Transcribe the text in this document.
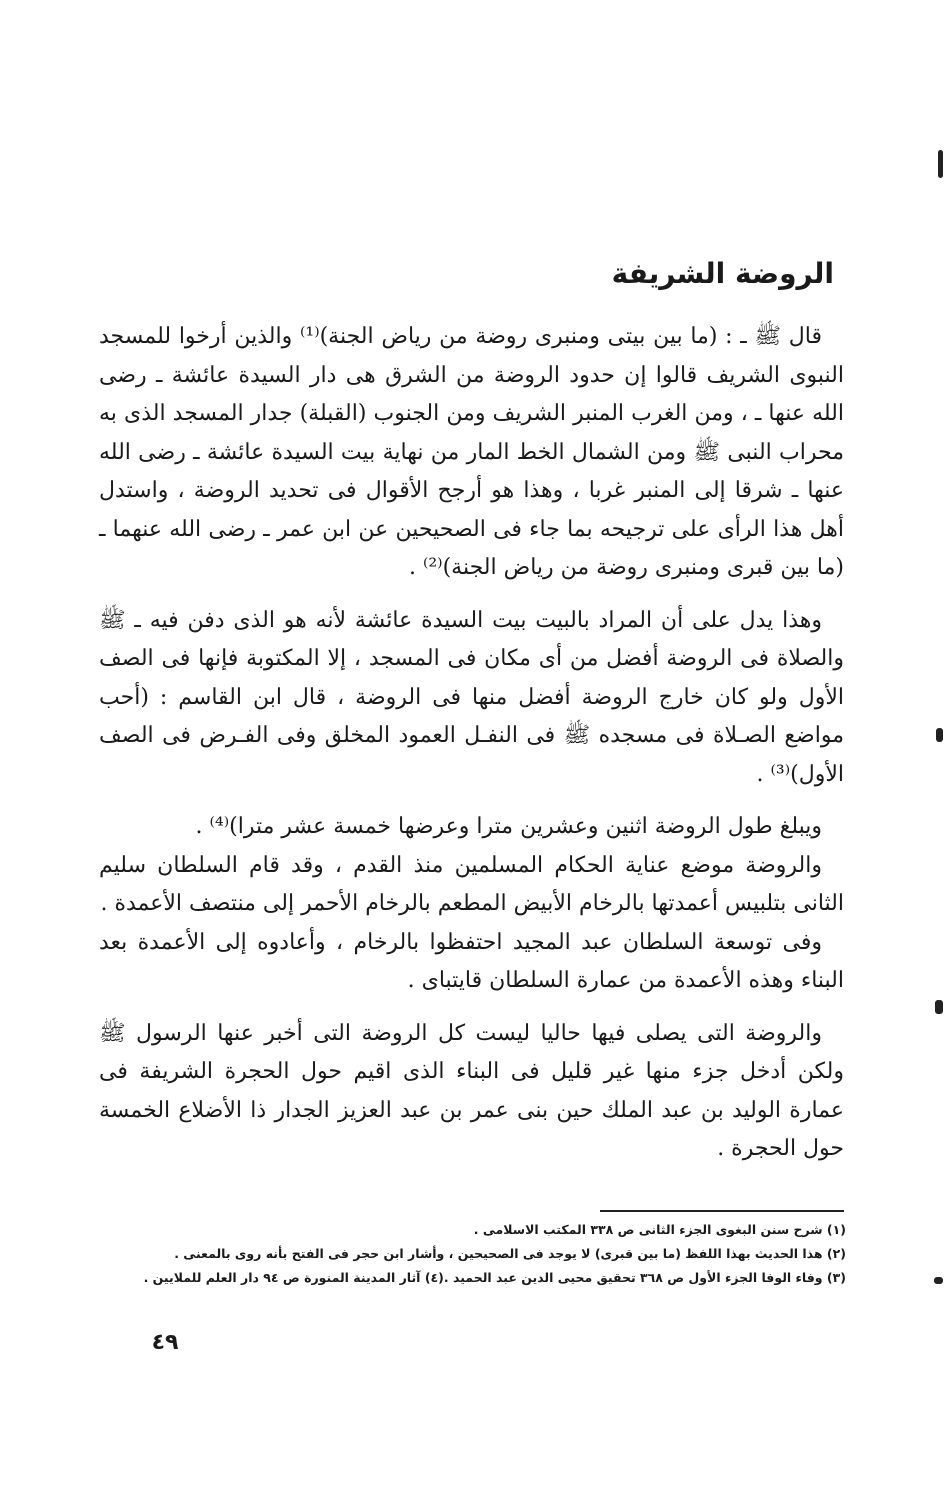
الروضة الشريفة

قال ﷺ ـ : (ما بين بيتى ومنبرى روضة من رياض الجنة)⁽¹⁾ والذين أرخوا للمسجد النبوى الشريف قالوا إن حدود الروضة من الشرق هى دار السيدة عائشة ـ رضى الله عنها ـ ، ومن الغرب المنبر الشريف ومن الجنوب (القبلة) جدار المسجد الذى به محراب النبى ﷺ ومن الشمال الخط المار من نهاية بيت السيدة عائشة ـ رضى الله عنها ـ شرقا إلى المنبر غربا ، وهذا هو أرجح الأقوال فى تحديد الروضة ، واستدل أهل هذا الرأى على ترجيحه بما جاء فى الصحيحين عن ابن عمر ـ رضى الله عنهما ـ (ما بين قبرى ومنبرى روضة من رياض الجنة)⁽²⁾ .

وهذا يدل على أن المراد بالبيت بيت السيدة عائشة لأنه هو الذى دفن فيه ـ ﷺ والصلاة فى الروضة أفضل من أى مكان فى المسجد ، إلا المكتوبة فإنها فى الصف الأول ولو كان خارج الروضة أفضل منها فى الروضة ، قال ابن القاسم : (أحب مواضع الصـلاة فى مسجده ﷺ فى النفـل العمود المخلق وفى الفـرض فى الصف الأول)⁽³⁾ .

ويبلغ طول الروضة اثنين وعشرين مترا وعرضها خمسة عشر مترا)⁽⁴⁾ .

والروضة موضع عناية الحكام المسلمين منذ القدم ، وقد قام السلطان سليم الثانى بتلبيس أعمدتها بالرخام الأبيض المطعم بالرخام الأحمر إلى منتصف الأعمدة .

وفى توسعة السلطان عبد المجيد احتفظوا بالرخام ، وأعادوه إلى الأعمدة بعد البناء وهذه الأعمدة من عمارة السلطان قايتباى .

والروضة التى يصلى فيها حاليا ليست كل الروضة التى أخبر عنها الرسول ﷺ ولكن أدخل جزء منها غير قليل فى البناء الذى اقيم حول الحجرة الشريفة فى عمارة الوليد بن عبد الملك حين بنى عمر بن عبد العزيز الجدار ذا الأضلاع الخمسة حول الحجرة .

(١) شرح سنن البغوى الجزء الثانى ص ٣٣٨ المكتب الاسلامى .

(٢) هذا الحديث بهذا اللفظ (ما بين قبرى) لا يوجد فى الصحيحين ، وأشار ابن حجر فى الفتح بأنه روى بالمعنى .

(٣) وفاء الوفا الجزء الأول ص ٣٦٨ تحقيق محيى الدين عبد الحميد .(٤) آثار المدينة المنورة ص ٩٤ دار العلم للملايين .

٤٩
